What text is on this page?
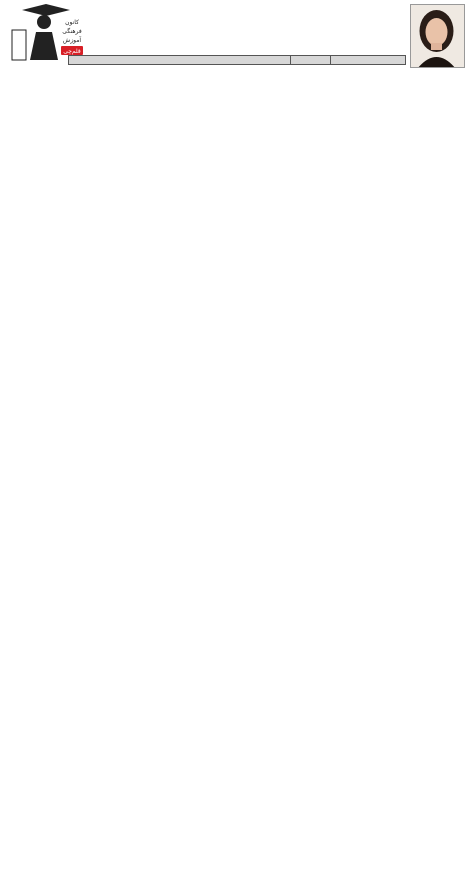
کانون
فرهنگی
آموزش
قلم‌چی
